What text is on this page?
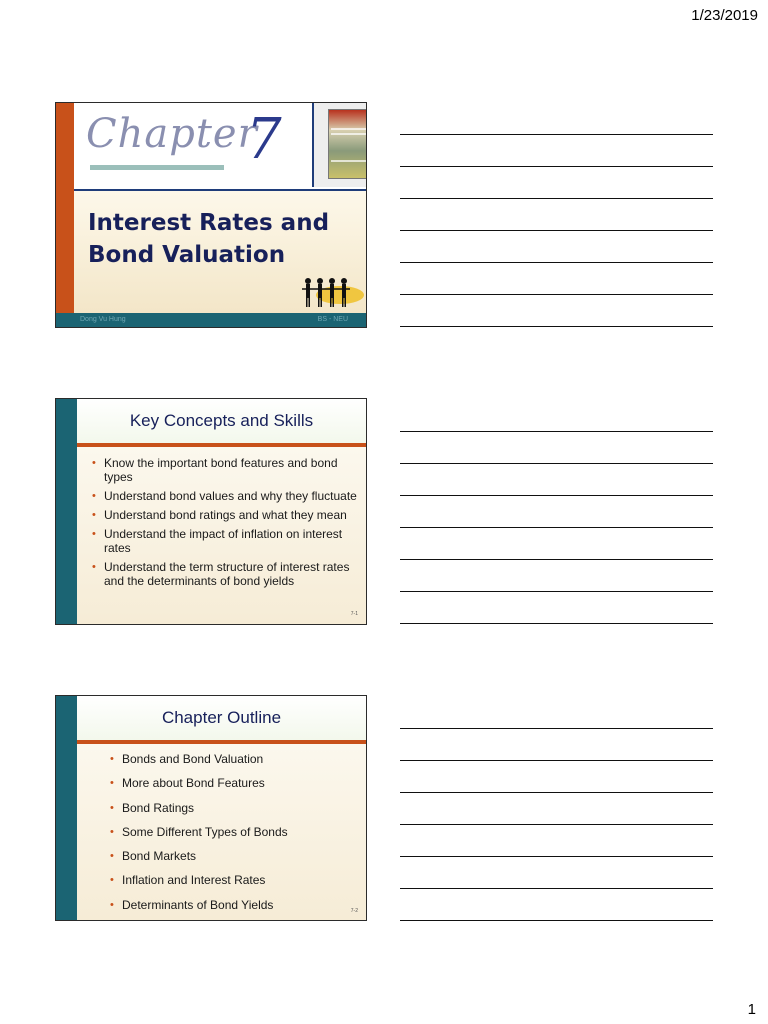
1/23/2019
Chapter
7
Interest Rates and
Bond Valuation
Dong Vu Hung	BS - NEU
Key Concepts and Skills
• Know the important bond features and bond types
• Understand bond values and why they fluctuate
• Understand bond ratings and what they mean
• Understand the impact of inflation on interest rates
• Understand the term structure of interest rates and the determinants of bond yields
7-1
Chapter Outline
• Bonds and Bond Valuation
• More about Bond Features
• Bond Ratings
• Some Different Types of Bonds
• Bond Markets
• Inflation and Interest Rates
• Determinants of Bond Yields	7-2
1
